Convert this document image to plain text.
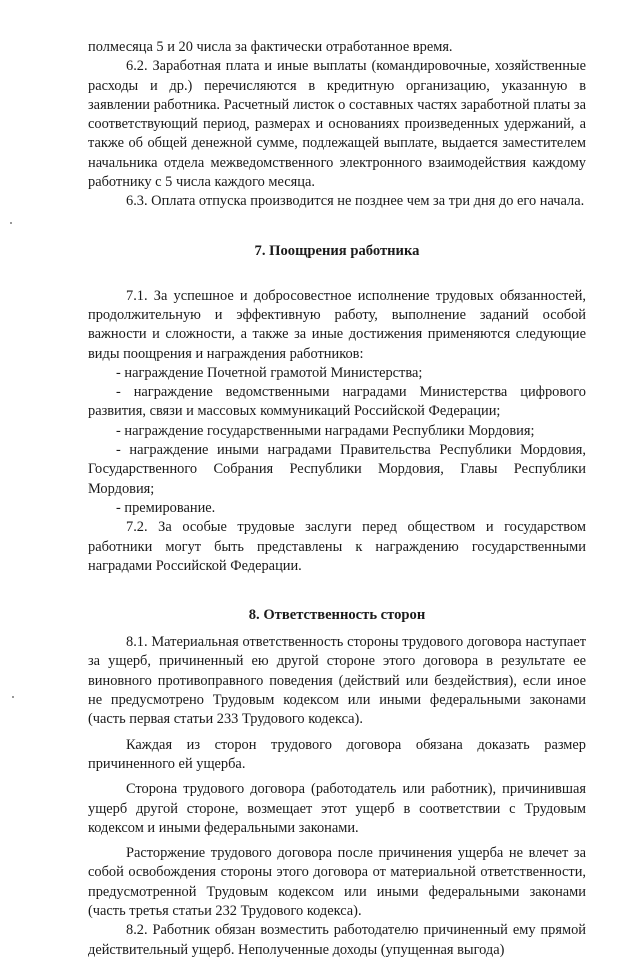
полмесяца 5 и 20 числа за фактически отработанное время.

6.2. Заработная плата и иные выплаты (командировочные, хозяйственные расходы и др.) перечисляются в кредитную организацию, указанную в заявлении работника. Расчетный листок о составных частях заработной платы за соответствующий период, размерах и основаниях произведенных удержаний, а также об общей денежной сумме, подлежащей выплате, выдается заместителем начальника отдела межведомственного электронного взаимодействия каждому работнику с 5 числа каждого месяца.

6.3. Оплата отпуска производится не позднее чем за три дня до его начала.

7. Поощрения работника

7.1. За успешное и добросовестное исполнение трудовых обязанностей, продолжительную и эффективную работу, выполнение заданий особой важности и сложности, а также за иные достижения применяются следующие виды поощрения и награждения работников:

- награждение Почетной грамотой Министерства;

- награждение ведомственными наградами Министерства цифрового развития, связи и массовых коммуникаций Российской Федерации;

- награждение государственными наградами Республики Мордовия;

- награждение иными наградами Правительства Республики Мордовия, Государственного Собрания Республики Мордовия, Главы Республики Мордовия;

- премирование.

7.2. За особые трудовые заслуги перед обществом и государством работники могут быть представлены к награждению государственными наградами Российской Федерации.

8. Ответственность сторон

8.1. Материальная ответственность стороны трудового договора наступает за ущерб, причиненный ею другой стороне этого договора в результате ее виновного противоправного поведения (действий или бездействия), если иное не предусмотрено Трудовым кодексом или иными федеральными законами (часть первая статьи 233 Трудового кодекса).

Каждая из сторон трудового договора обязана доказать размер причиненного ей ущерба.

Сторона трудового договора (работодатель или работник), причинившая ущерб другой стороне, возмещает этот ущерб в соответствии с Трудовым кодексом и иными федеральными законами.

Расторжение трудового договора после причинения ущерба не влечет за собой освобождения стороны этого договора от материальной ответственности, предусмотренной Трудовым кодексом или иными федеральными законами (часть третья статьи 232 Трудового кодекса).

8.2. Работник обязан возместить работодателю причиненный ему прямой действительный ущерб. Неполученные доходы (упущенная выгода)
